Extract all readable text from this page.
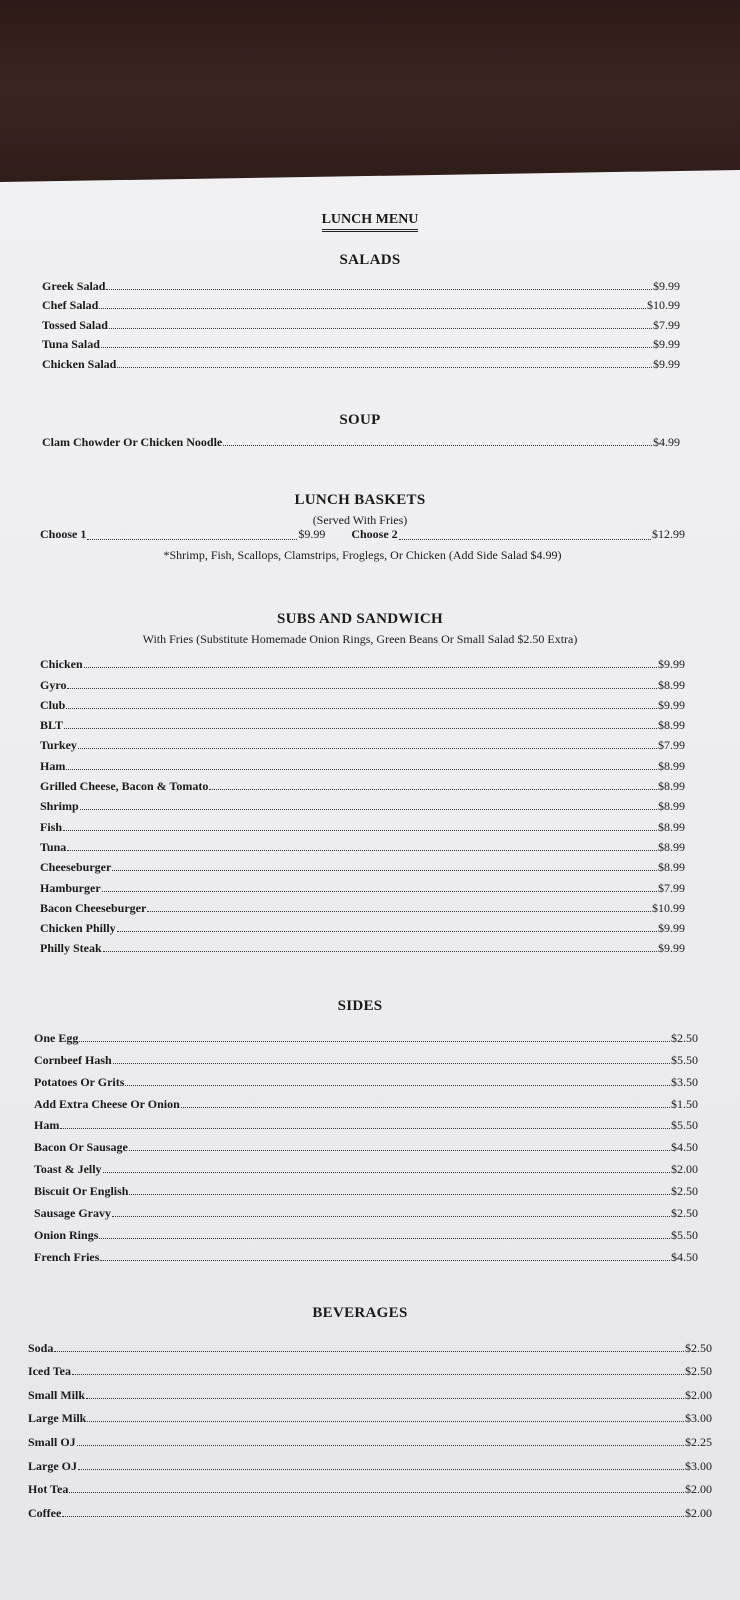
LUNCH MENU
SALADS
Greek Salad	$9.99
Chef Salad	$10.99
Tossed Salad	$7.99
Tuna Salad	$9.99
Chicken Salad	$9.99
SOUP
Clam Chowder Or Chicken Noodle	$4.99
LUNCH BASKETS
(Served With Fries)
Choose 1	$9.99 Choose 2	$12.99
*Shrimp, Fish, Scallops, Clamstrips, Froglegs, Or Chicken (Add Side Salad $4.99)
SUBS AND SANDWICH
With Fries (Substitute Homemade Onion Rings, Green Beans Or Small Salad $2.50 Extra)
Chicken	$9.99
Gyro	$8.99
Club	$9.99
BLT	$8.99
Turkey	$7.99
Ham	$8.99
Grilled Cheese, Bacon & Tomato	$8.99
Shrimp	$8.99
Fish	$8.99
Tuna	$8.99
Cheeseburger	$8.99
Hamburger	$7.99
Bacon Cheeseburger	$10.99
Chicken Philly	$9.99
Philly Steak	$9.99
SIDES
One Egg	$2.50
Cornbeef Hash	$5.50
Potatoes Or Grits	$3.50
Add Extra Cheese Or Onion	$1.50
Ham	$5.50
Bacon Or Sausage	$4.50
Toast & Jelly	$2.00
Biscuit Or English	$2.50
Sausage Gravy	$2.50
Onion Rings	$5.50
French Fries	$4.50
BEVERAGES
Soda	$2.50
Iced Tea	$2.50
Small Milk	$2.00
Large Milk	$3.00
Small OJ	$2.25
Large OJ	$3.00
Hot Tea	$2.00
Coffee	$2.00
